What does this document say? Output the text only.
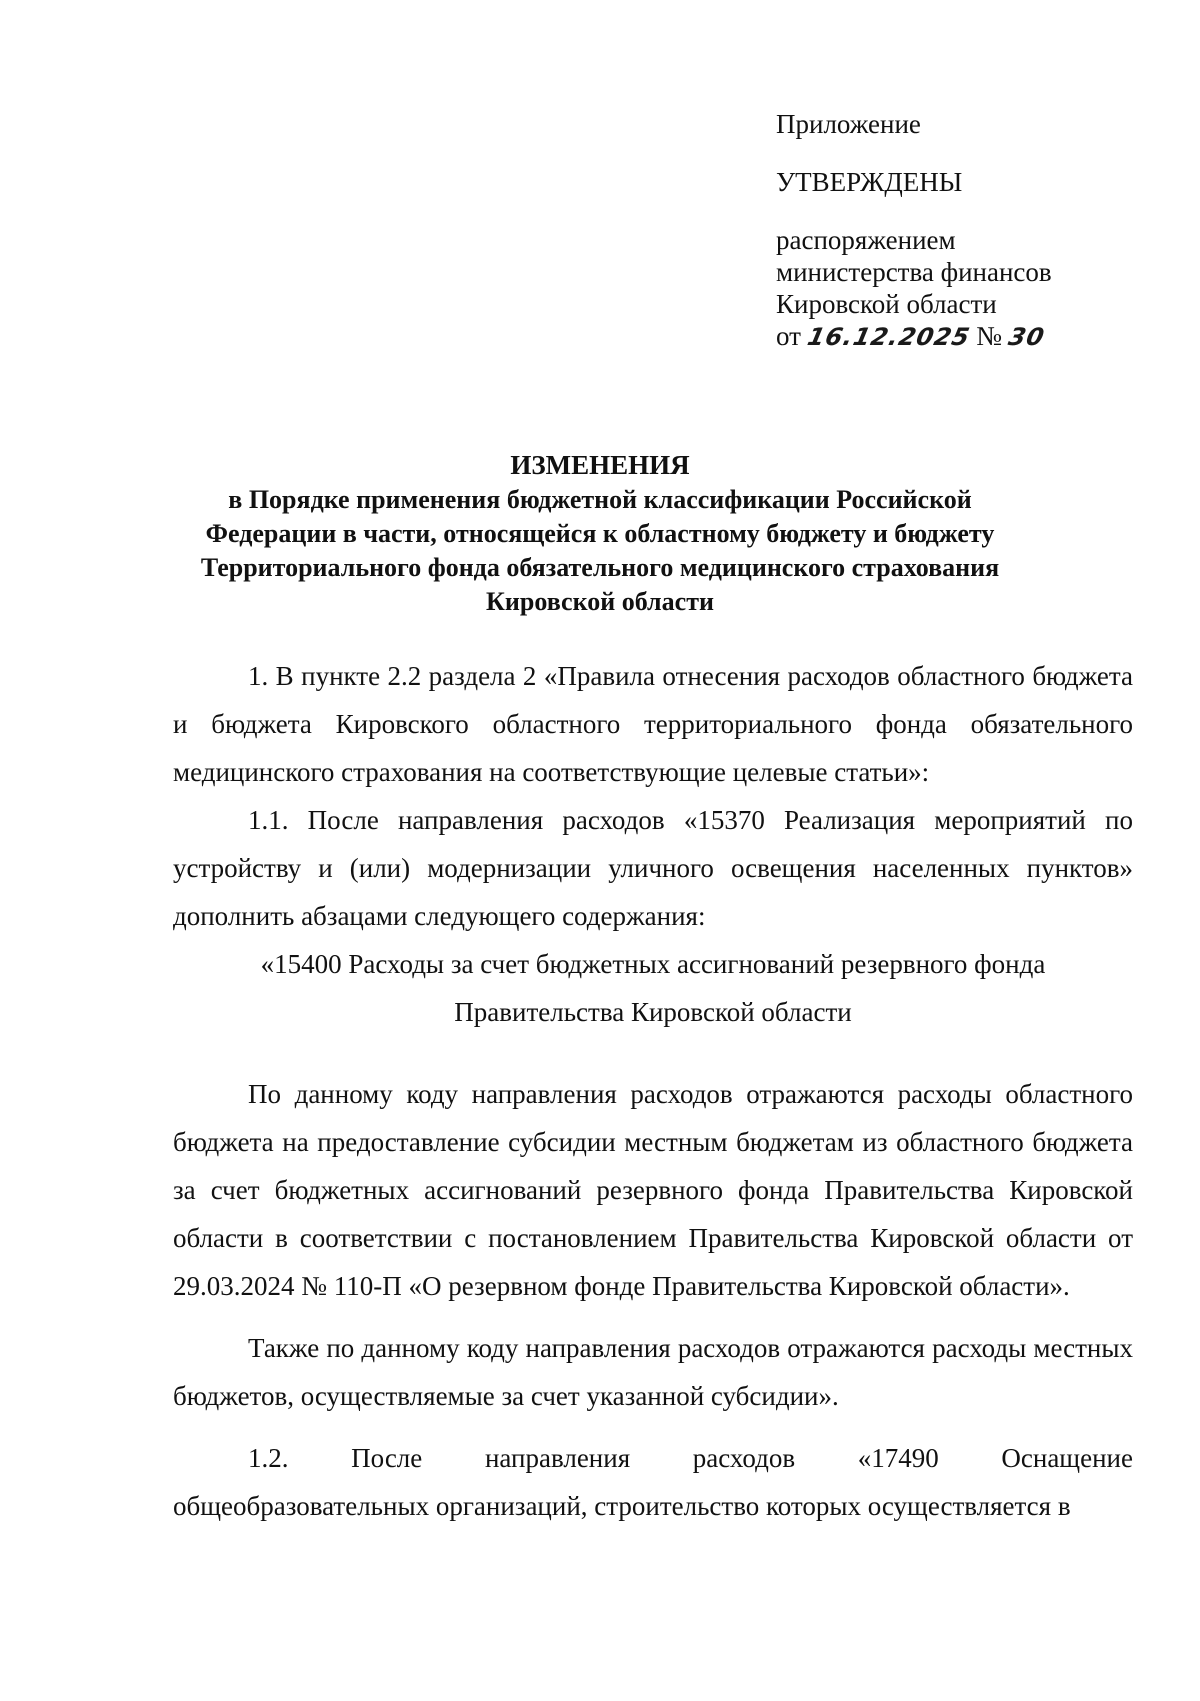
Приложение
УТВЕРЖДЕНЫ
распоряжением
министерства финансов
Кировской области
от 16.12.2025 № 30
ИЗМЕНЕНИЯ
в Порядке применения бюджетной классификации Российской
Федерации в части, относящейся к областному бюджету и бюджету
Территориального фонда обязательного медицинского страхования
Кировской области

1. В пункте 2.2 раздела 2 «Правила отнесения расходов областного бюджета и бюджета Кировского областного территориального фонда обязательного медицинского страхования на соответствующие целевые статьи»:

1.1. После направления расходов «15370 Реализация мероприятий по устройству и (или) модернизации уличного освещения населенных пунктов» дополнить абзацами следующего содержания:

«15400 Расходы за счет бюджетных ассигнований резервного фонда

Правительства Кировской области

По данному коду направления расходов отражаются расходы областного бюджета на предоставление субсидии местным бюджетам из областного бюджета за счет бюджетных ассигнований резервного фонда Правительства Кировской области в соответствии с постановлением Правительства Кировской области от 29.03.2024 № 110-П «О резервном фонде Правительства Кировской области».

Также по данному коду направления расходов отражаются расходы местных бюджетов, осуществляемые за счет указанной субсидии».

1.2. После направления расходов «17490 Оснащение

общеобразовательных организаций, строительство которых осуществляется в
